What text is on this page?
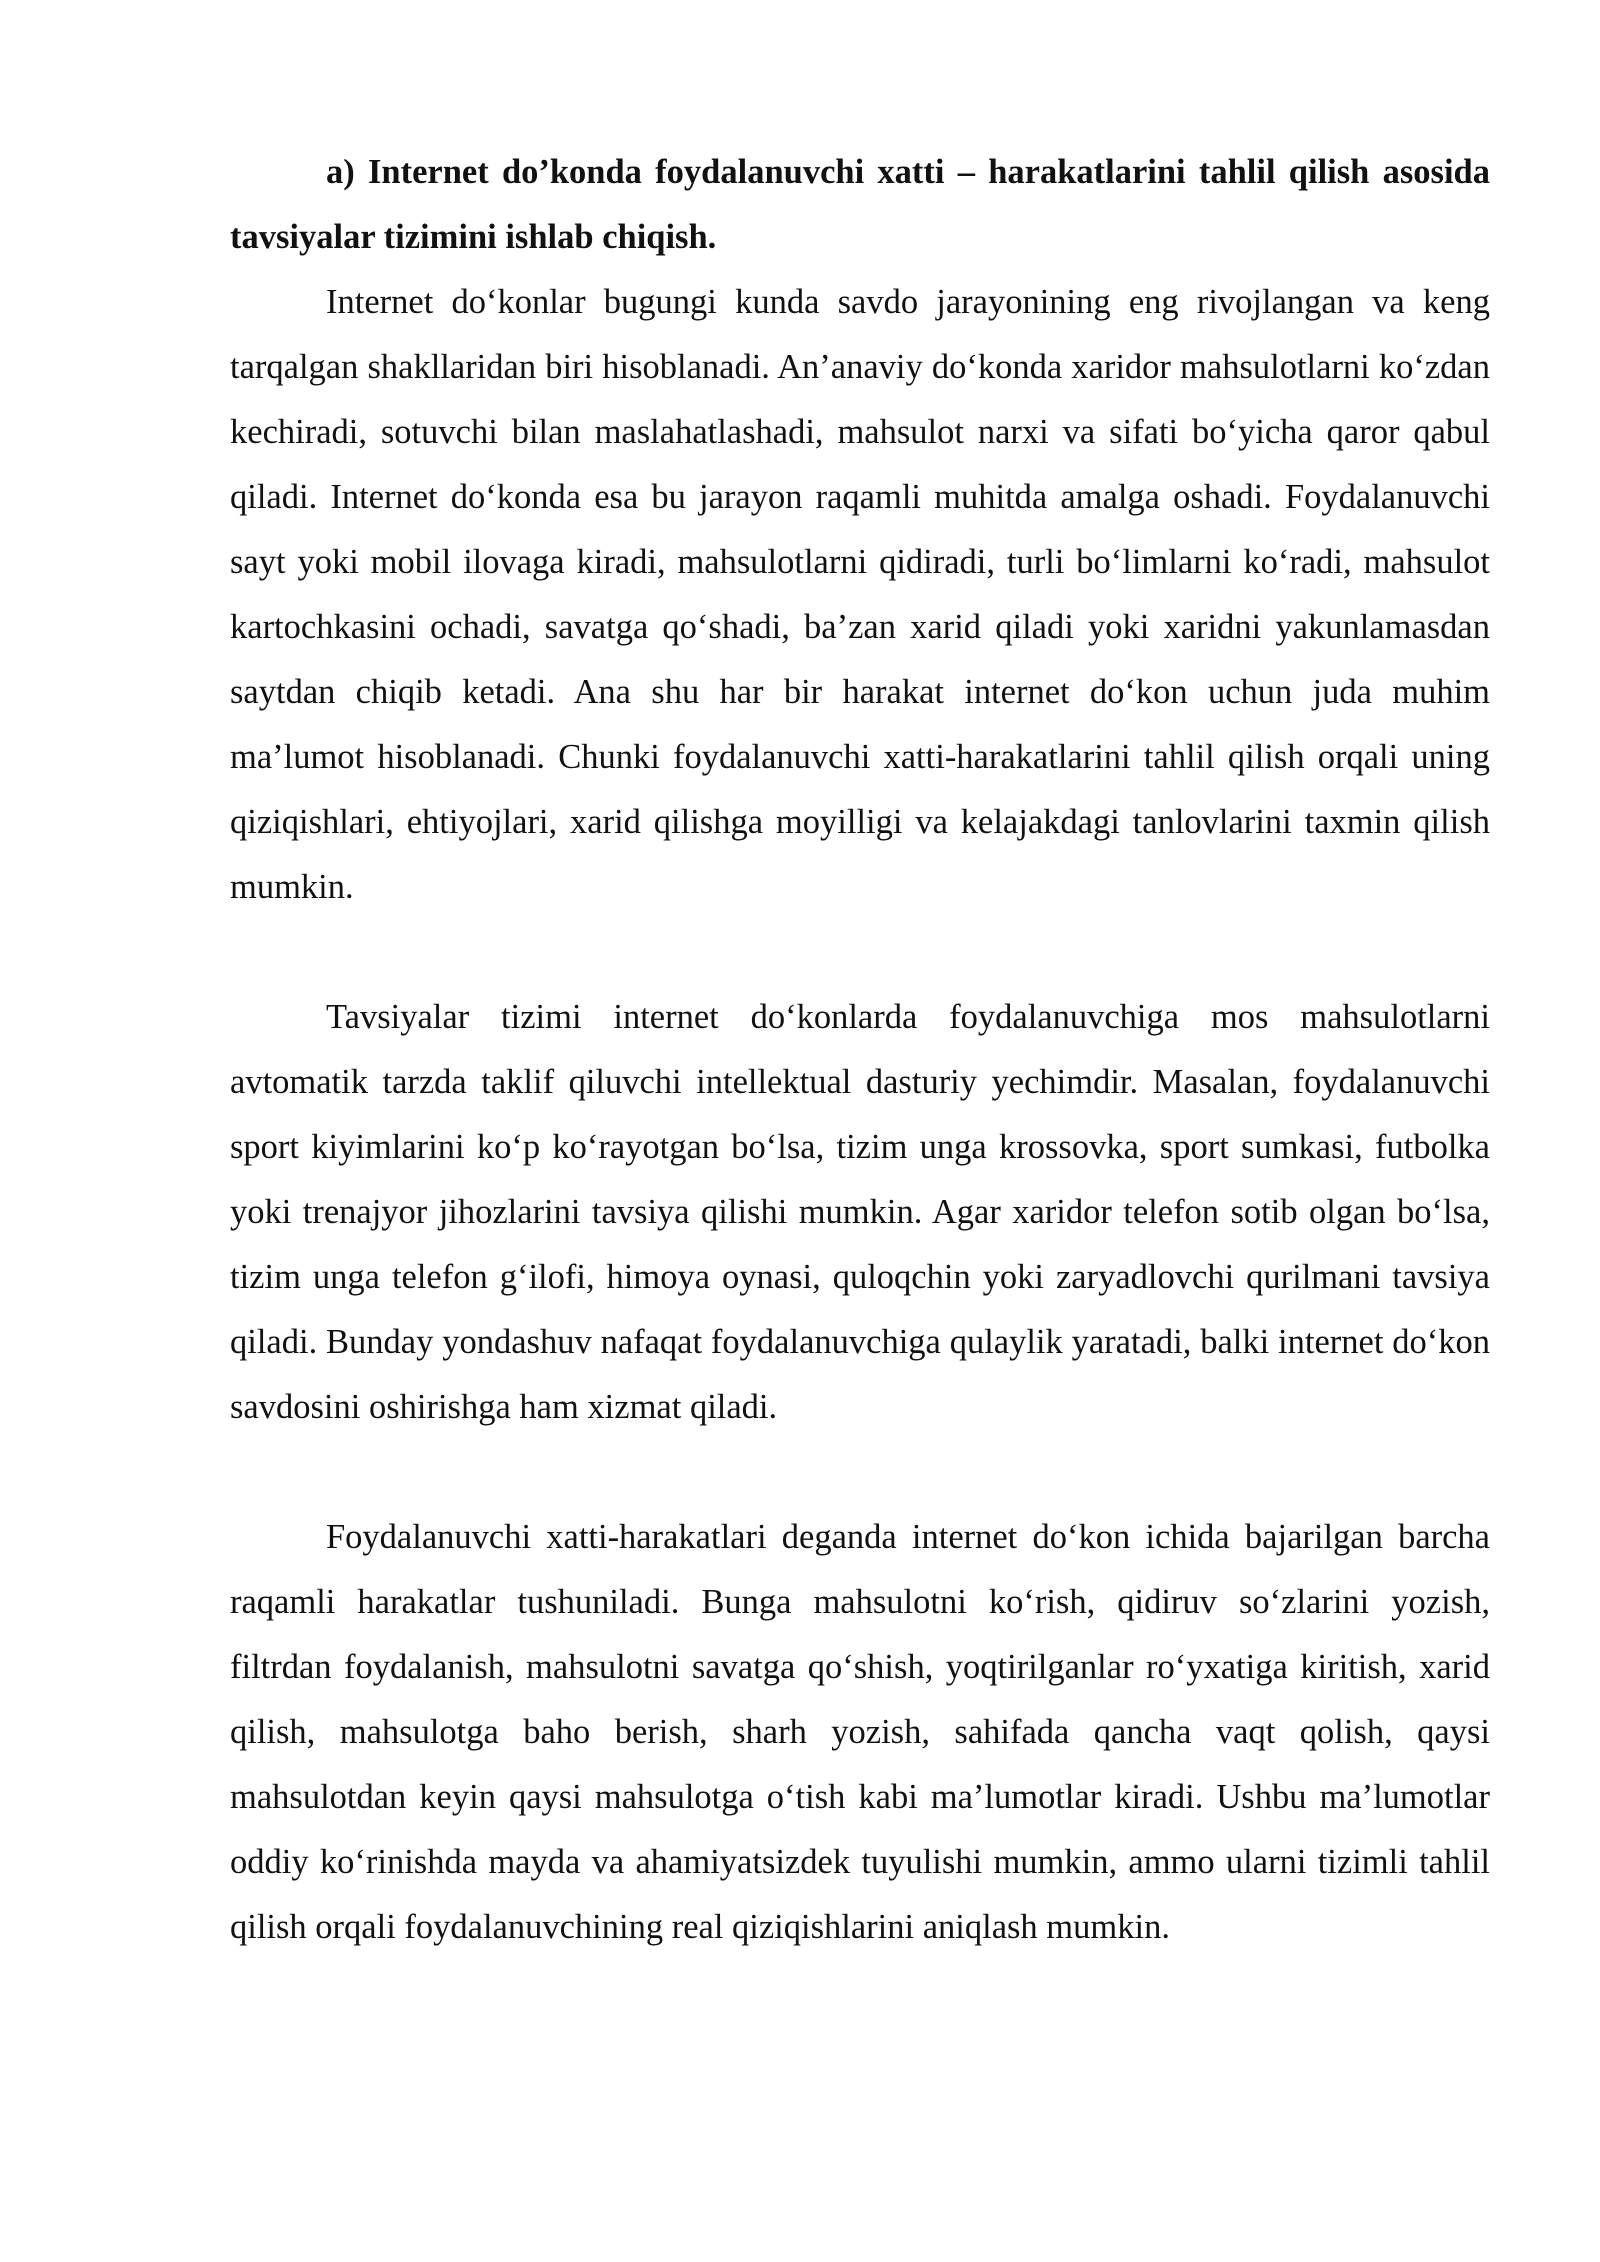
a) Internet do’konda foydalanuvchi xatti – harakatlarini tahlil qilish asosida tavsiyalar tizimini ishlab chiqish.

Internet do‘konlar bugungi kunda savdo jarayonining eng rivojlangan va keng tarqalgan shakllaridan biri hisoblanadi. An’anaviy do‘konda xaridor mahsulotlarni ko‘zdan kechiradi, sotuvchi bilan maslahatlashadi, mahsulot narxi va sifati bo‘yicha qaror qabul qiladi. Internet do‘konda esa bu jarayon raqamli muhitda amalga oshadi. Foydalanuvchi sayt yoki mobil ilovaga kiradi, mahsulotlarni qidiradi, turli bo‘limlarni ko‘radi, mahsulot kartochkasini ochadi, savatga qo‘shadi, ba’zan xarid qiladi yoki xaridni yakunlamasdan saytdan chiqib ketadi. Ana shu har bir harakat internet do‘kon uchun juda muhim ma’lumot hisoblanadi. Chunki foydalanuvchi xatti-harakatlarini tahlil qilish orqali uning qiziqishlari, ehtiyojlari, xarid qilishga moyilligi va kelajakdagi tanlovlarini taxmin qilish mumkin.

Tavsiyalar tizimi internet do‘konlarda foydalanuvchiga mos mahsulotlarni avtomatik tarzda taklif qiluvchi intellektual dasturiy yechimdir. Masalan, foydalanuvchi sport kiyimlarini ko‘p ko‘rayotgan bo‘lsa, tizim unga krossovka, sport sumkasi, futbolka yoki trenajyor jihozlarini tavsiya qilishi mumkin. Agar xaridor telefon sotib olgan bo‘lsa, tizim unga telefon g‘ilofi, himoya oynasi, quloqchin yoki zaryadlovchi qurilmani tavsiya qiladi. Bunday yondashuv nafaqat foydalanuvchiga qulaylik yaratadi, balki internet do‘kon savdosini oshirishga ham xizmat qiladi.

Foydalanuvchi xatti-harakatlari deganda internet do‘kon ichida bajarilgan barcha raqamli harakatlar tushuniladi. Bunga mahsulotni ko‘rish, qidiruv so‘zlarini yozish, filtrdan foydalanish, mahsulotni savatga qo‘shish, yoqtirilganlar ro‘yxatiga kiritish, xarid qilish, mahsulotga baho berish, sharh yozish, sahifada qancha vaqt qolish, qaysi mahsulotdan keyin qaysi mahsulotga o‘tish kabi ma’lumotlar kiradi. Ushbu ma’lumotlar oddiy ko‘rinishda mayda va ahamiyatsizdek tuyulishi mumkin, ammo ularni tizimli tahlil qilish orqali foydalanuvchining real qiziqishlarini aniqlash mumkin.
